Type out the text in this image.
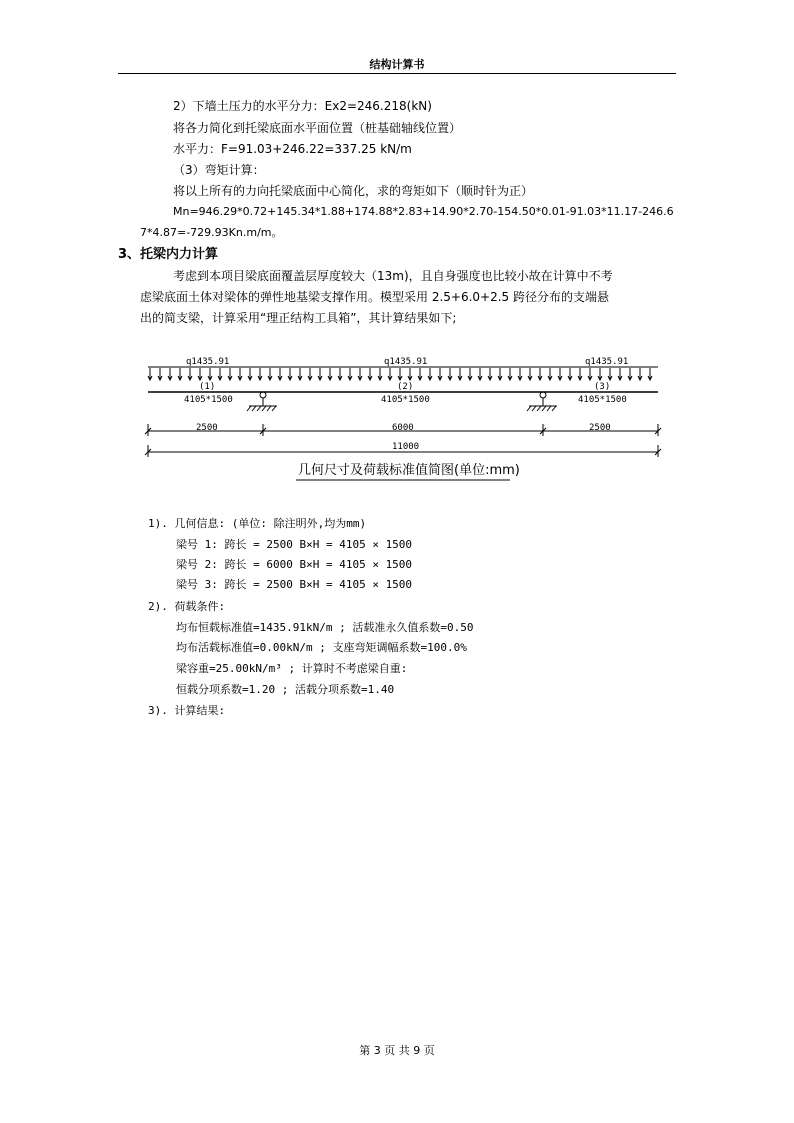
结构计算书
2）下墙土压力的水平分力：Ex2=246.218(kN)
将各力简化到托梁底面水平面位置（桩基础轴线位置）
水平力：F=91.03+246.22=337.25 kN/m
（3）弯矩计算：
将以上所有的力向托梁底面中心简化，求的弯矩如下（顺时针为正）
Mn=946.29*0.72+145.34*1.88+174.88*2.83+14.90*2.70-154.50*0.01-91.03*11.17-246.6
7*4.87=-729.93Kn.m/m。
3、托梁内力计算
考虑到本项目梁底面覆盖层厚度较大（13m)，且自身强度也比较小故在计算中不考
虑梁底面土体对梁体的弹性地基梁支撑作用。模型采用 2.5+6.0+2.5 跨径分布的支端悬
出的简支梁，计算采用“理正结构工具箱”，其计算结果如下;
q1435.91	q1435.91	q1435.91
(1)	(2)	(3)
4105*1500	4105*1500	4105*1500
2500	6000	2500
11000
几何尺寸及荷载标准值简图(单位:mm)
1). 几何信息: (单位: 除注明外,均为mm)
梁号 1: 跨长 = 2500 B×H = 4105 × 1500
梁号 2: 跨长 = 6000 B×H = 4105 × 1500
梁号 3: 跨长 = 2500 B×H = 4105 × 1500
2). 荷载条件:
均布恒载标准值=1435.91kN/m ; 活载准永久值系数=0.50
均布活载标准值=0.00kN/m ; 支座弯矩调幅系数=100.0%
梁容重=25.00kN/m³ ; 计算时不考虑梁自重:
恒载分项系数=1.20 ; 活载分项系数=1.40
3). 计算结果:
第 3 页 共 9 页
